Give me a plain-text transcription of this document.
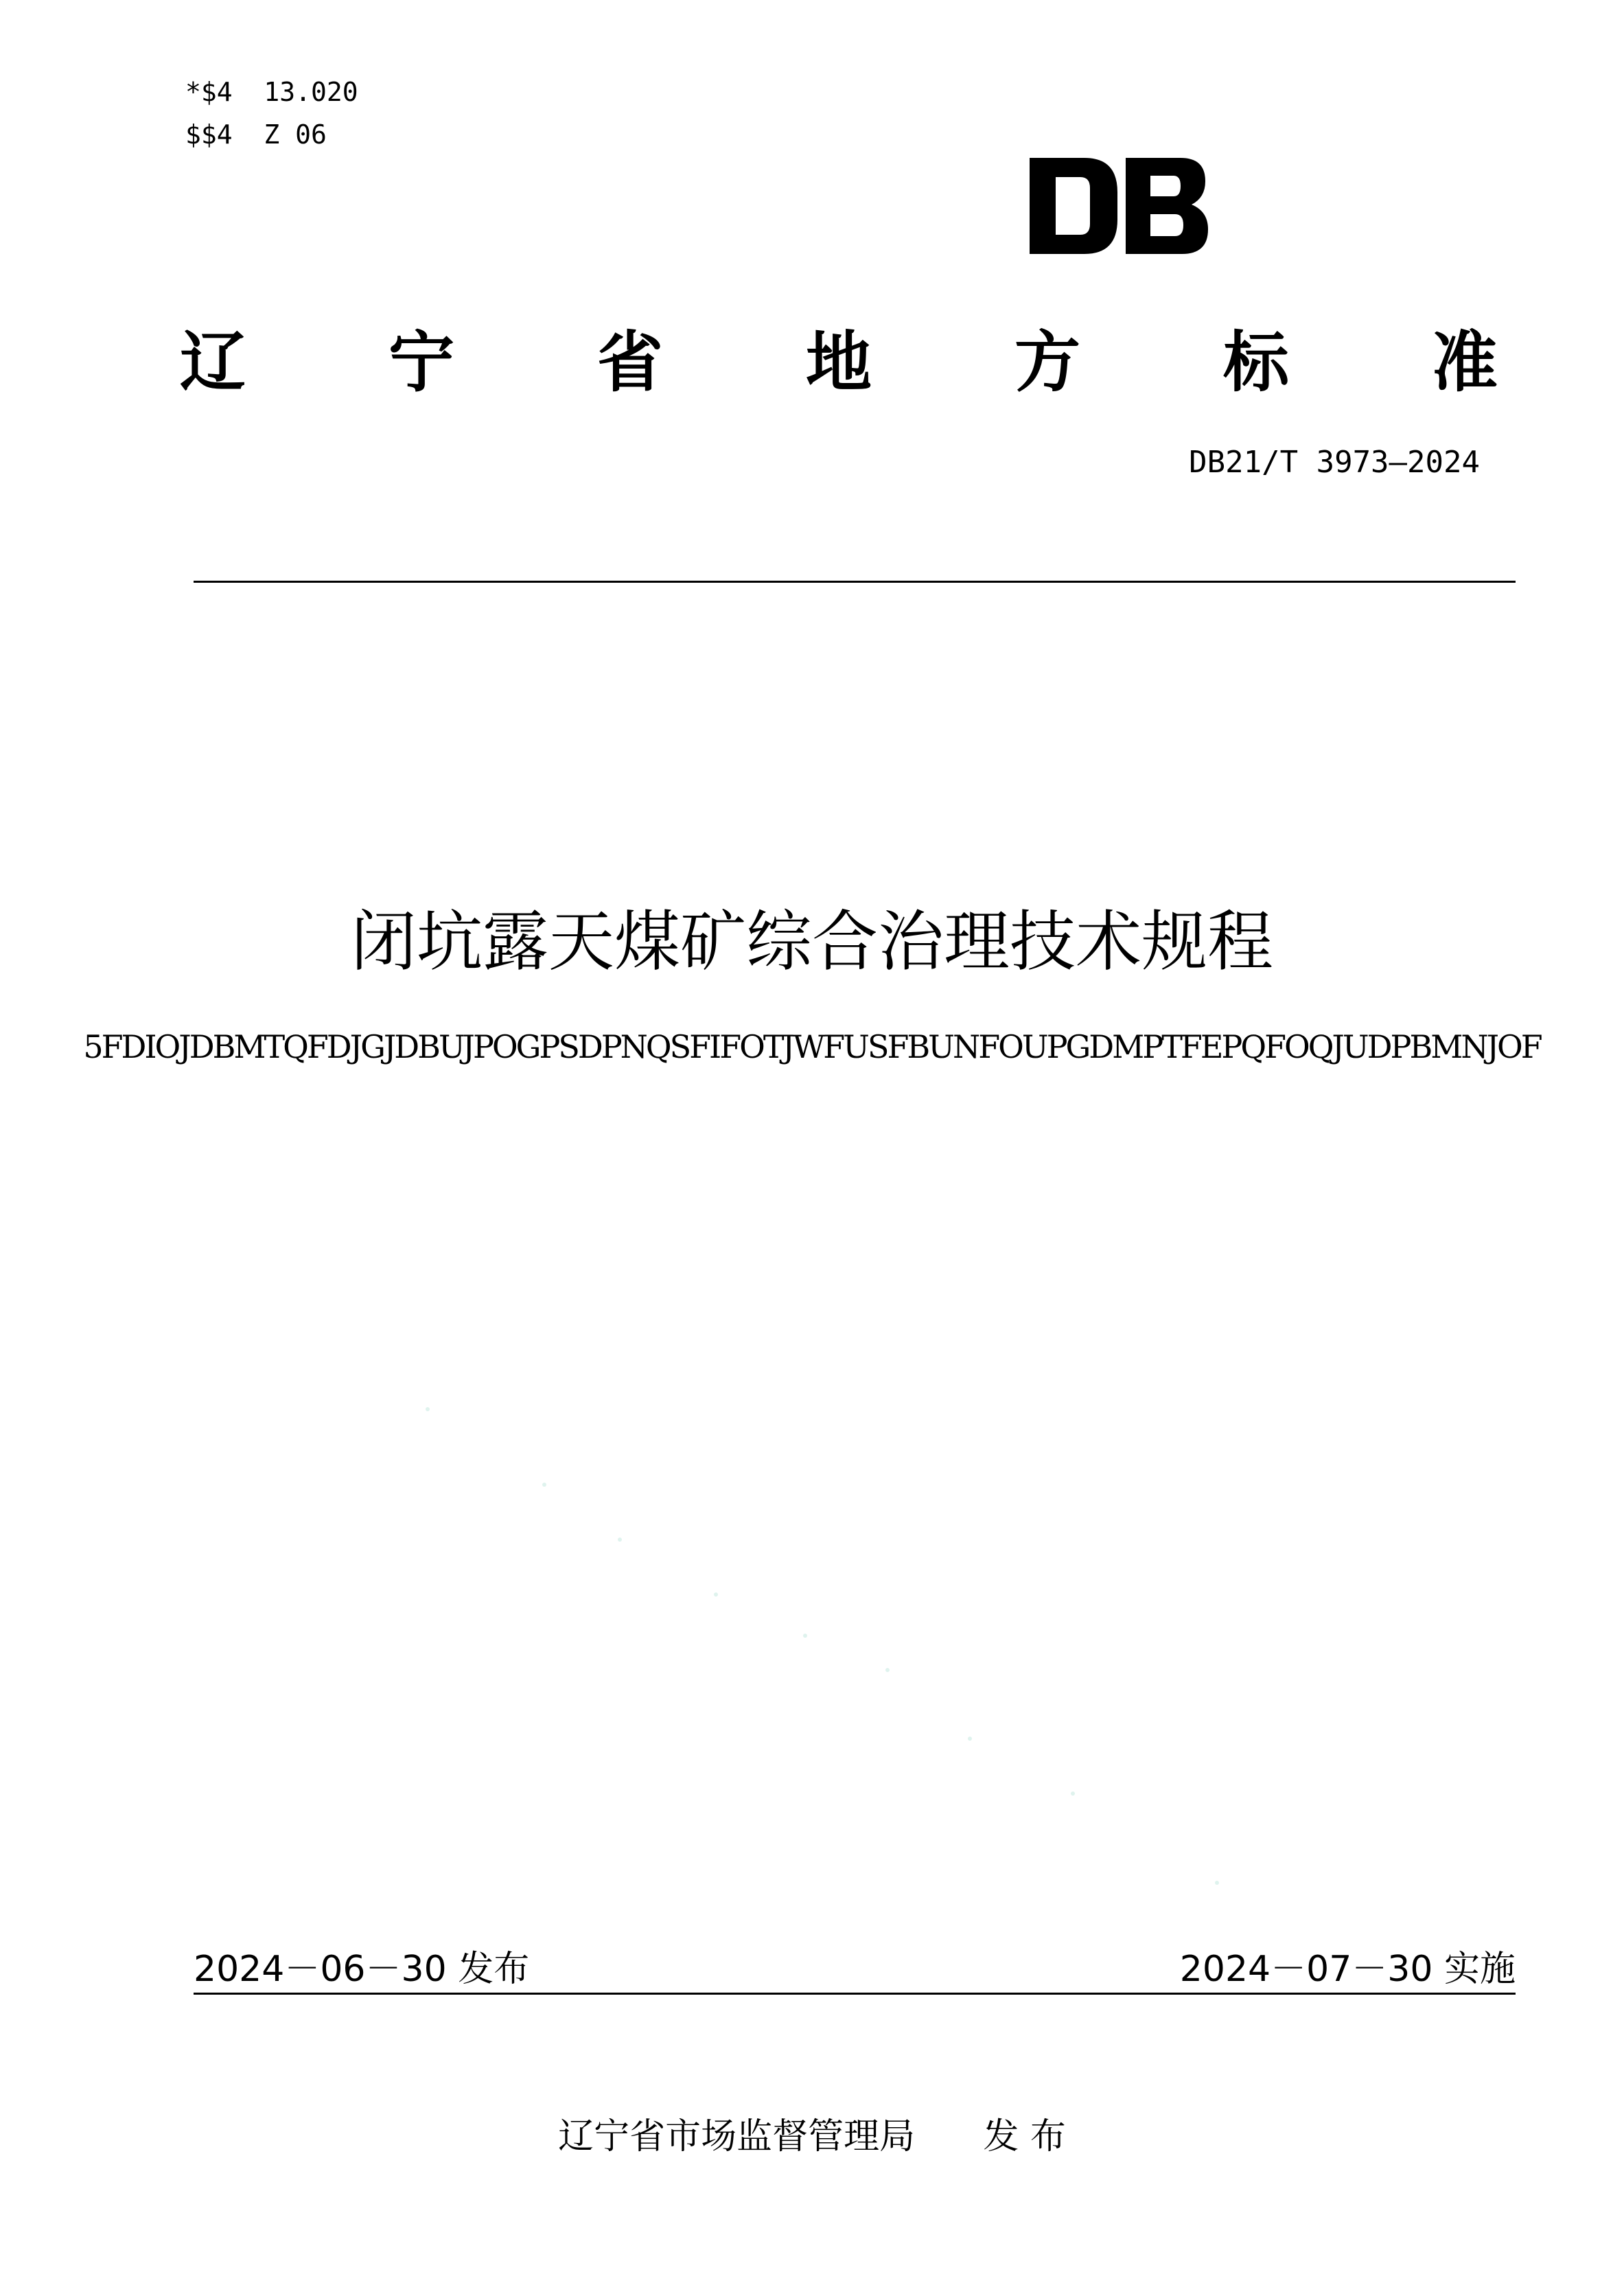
*$4  13.020
$$4  Z 06
辽 宁 省 地 方 标 准
DB21/T 3973—2024
闭坑露天煤矿综合治理技术规程
5FDIOJDBMTQFDJGJDBUJPOGPSDPNQSFIFOTJWFUSFBUNFOUPGDMPTFEPQFOQJUDPBMNJOF
2024－06－30 发布	2024－07－30 实施
辽宁省市场监督管理局      发 布
